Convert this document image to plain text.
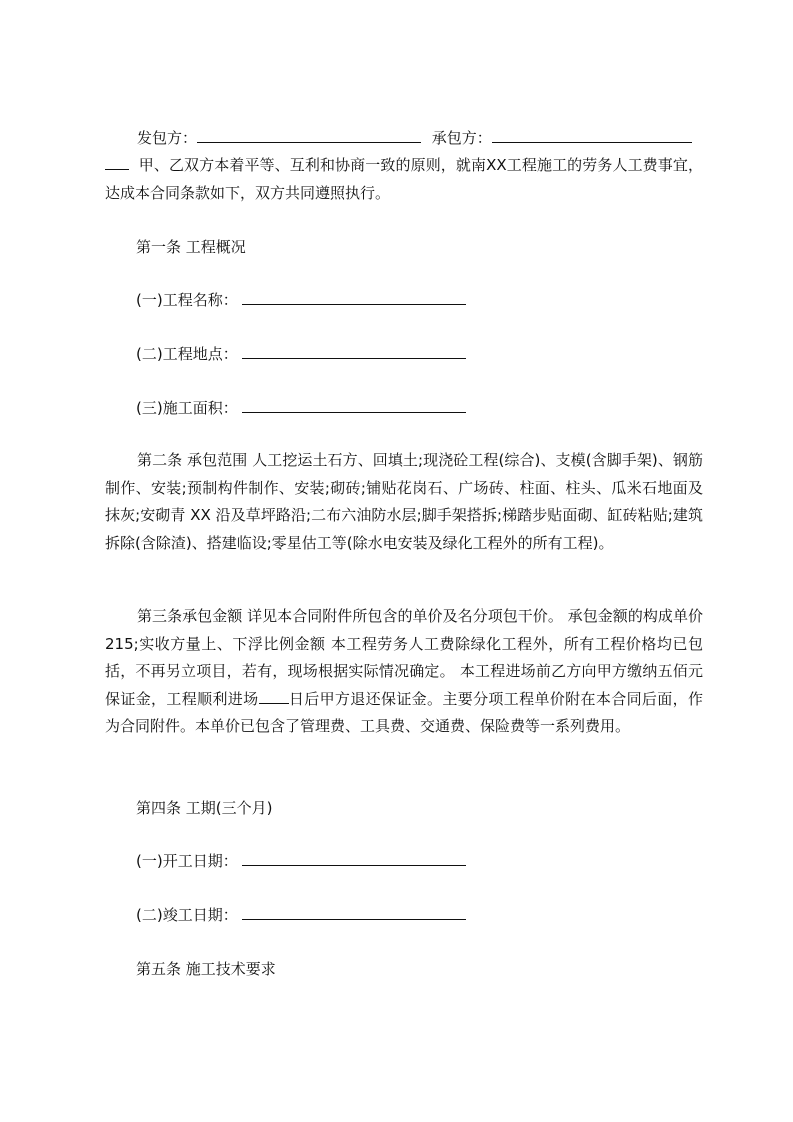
发包方：	承包方：

甲、乙双方本着平等、互利和协商一致的原则，就南XX工程施工的劳务人工费事宜，达成本合同条款如下，双方共同遵照执行。

第一条 工程概况

(一)工程名称：

(二)工程地点：

(三)施工面积：

第二条 承包范围 人工挖运土石方、回填土;现浇砼工程(综合)、支模(含脚手架)、钢筋制作、安装;预制构件制作、安装;砌砖;铺贴花岗石、广场砖、柱面、柱头、瓜米石地面及抹灰;安砌青 XX 沿及草坪路沿;二布六油防水层;脚手架搭拆;梯踏步贴面砌、缸砖粘贴;建筑拆除(含除渣)、搭建临设;零星估工等(除水电安装及绿化工程外的所有工程)。

第三条承包金额 详见本合同附件所包含的单价及名分项包干价。 承包金额的构成单价 215;实收方量上、下浮比例金额 本工程劳务人工费除绿化工程外，所有工程价格均已包括，不再另立项目，若有，现场根据实际情况确定。 本工程进场前乙方向甲方缴纳五佰元保证金，工程顺利进场 日后甲方退还保证金。主要分项工程单价附在本合同后面，作为合同附件。本单价已包含了管理费、工具费、交通费、保险费等一系列费用。

第四条 工期(三个月)

(一)开工日期：

(二)竣工日期：

第五条 施工技术要求
